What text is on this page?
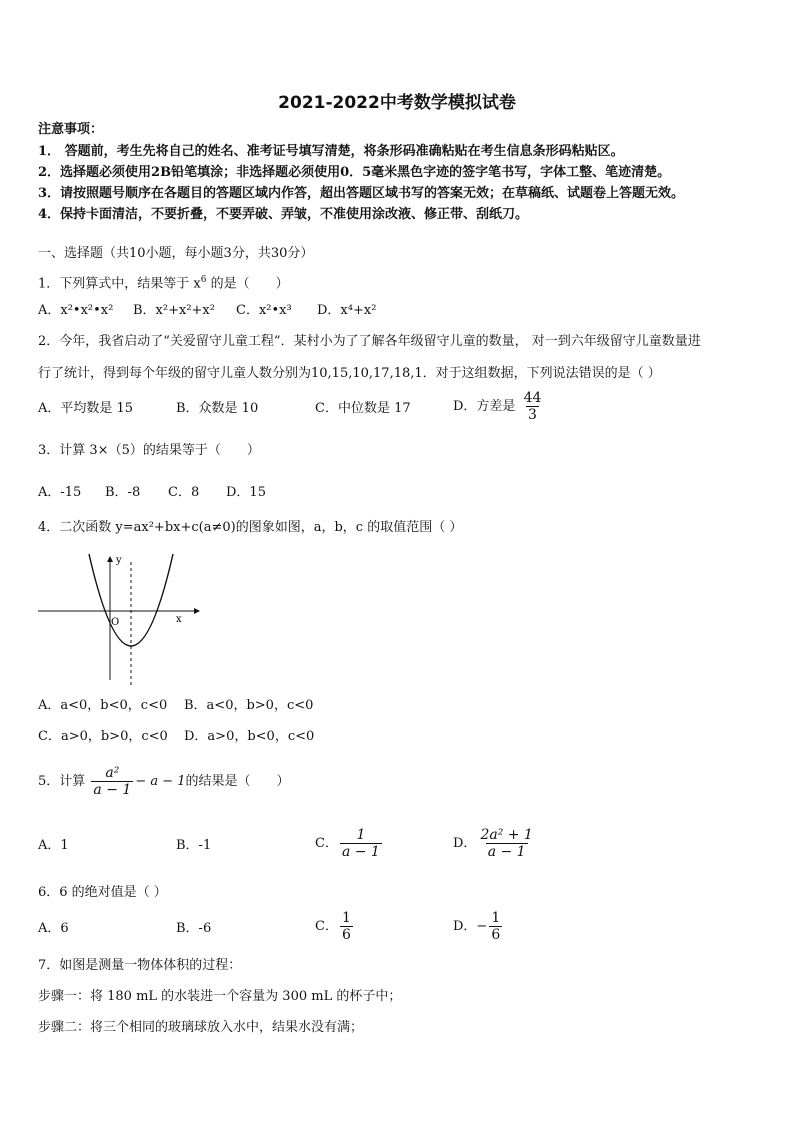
2021-2022中考数学模拟试卷
注意事项：
1． 答题前，考生先将自己的姓名、准考证号填写清楚，将条形码准确粘贴在考生信息条形码粘贴区。
2．选择题必须使用2B铅笔填涂；非选择题必须使用0．5毫米黑色字迹的签字笔书写，字体工整、笔迹清楚。
3．请按照题号顺序在各题目的答题区域内作答，超出答题区域书写的答案无效；在草稿纸、试题卷上答题无效。
4．保持卡面清洁，不要折叠，不要弄破、弄皱，不准使用涂改液、修正带、刮纸刀。
一、选择题（共10小题，每小题3分，共30分）
1．下列算式中，结果等于 $x^6$ 的是（　　）
A．x²•x²•x² B．x²+x²+x² C．x²•x³ D．x⁴+x²
2．今年，我省启动了“关爱留守儿童工程”．某村小为了了解各年级留守儿童的数量， 对一到六年级留守儿童数量进
行了统计，得到每个年级的留守儿童人数分别为10,15,10,17,18,1．对于这组数据，下列说法错误的是（ ）
A．平均数是 15	B．众数是 10	C．中位数是 17	D．方差是 $\frac{44}{3}$
3．计算 3×（5）的结果等于（　　）
A．-15 B．-8 C．8 D．15
4．二次函数 y=ax²+bx+c(a≠0)的图象如图，a，b，c 的取值范围（ ）
y
x
O
A．a<0，b<0，c<0 B．a<0，b>0，c<0
C．a>0，b>0，c<0 D．a>0，b<0，c<0
5．计算 $\frac{\text{a²}}{a - 1} - a - 1$的结果是（　　）
A．1	B．-1	C． $\frac{1}{a - 1}$	D． $\frac{\text{2a² + 1}}{a - 1}$
6．6 的绝对值是（ ）
A．6	B．-6	C． $\frac{1}{6}$	D．− $\frac{1}{6}$
7．如图是测量一物体体积的过程：
步骤一：将 180 mL 的水装进一个容量为 300 mL 的杯子中；
步骤二：将三个相同的玻璃球放入水中，结果水没有满；
